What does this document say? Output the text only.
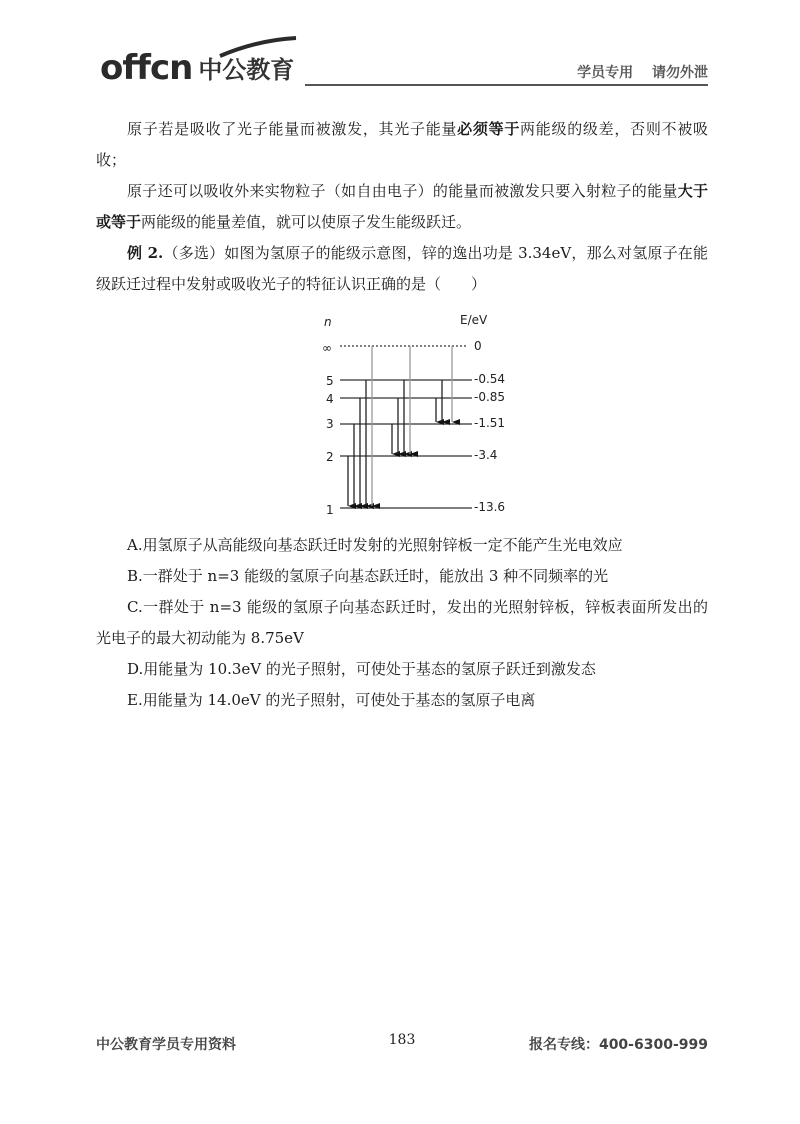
offcn 中公教育	学员专用 请勿外泄

原子若是吸收了光子能量而被激发，其光子能量必须等于两能级的级差，否则不被吸收；

原子还可以吸收外来实物粒子（如自由电子）的能量而被激发只要入射粒子的能量大于或等于两能级的能量差值，就可以使原子发生能级跃迁。

例 2.（多选）如图为氢原子的能级示意图，锌的逸出功是 3.34eV，那么对氢原子在能级跃迁过程中发射或吸收光子的特征认识正确的是（　　）

n	E/eV
∞
5
4
3
2
1
0
-0.54
-0.85
-1.51
-3.4
-13.6

A.用氢原子从高能级向基态跃迁时发射的光照射锌板一定不能产生光电效应

B.一群处于 n=3 能级的氢原子向基态跃迁时，能放出 3 种不同频率的光

C.一群处于 n=3 能级的氢原子向基态跃迁时，发出的光照射锌板，锌板表面所发出的光电子的最大初动能为 8.75eV

D.用能量为 10.3eV 的光子照射，可使处于基态的氢原子跃迁到激发态

E.用能量为 14.0eV 的光子照射，可使处于基态的氢原子电离

中公教育学员专用资料	183	报名专线：400-6300-999
